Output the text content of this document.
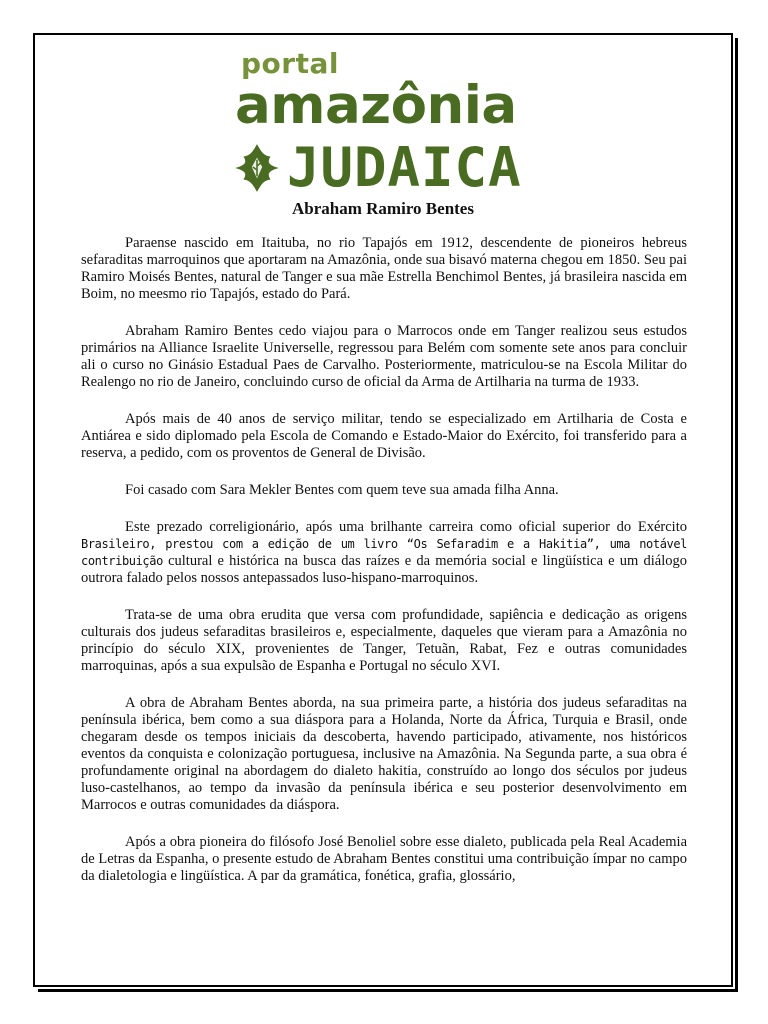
portal
amazônia
JUDAICA
Abraham Ramiro Bentes

Paraense nascido em Itaituba, no rio Tapajós em 1912, descendente de pioneiros hebreus sefaraditas marroquinos que aportaram na Amazônia, onde sua bisavó materna chegou em 1850. Seu pai Ramiro Moisés Bentes, natural de Tanger e sua mãe Estrella Benchimol Bentes, já brasileira nascida em Boim, no meesmo rio Tapajós, estado do Pará.

Abraham Ramiro Bentes cedo viajou para o Marrocos onde em Tanger realizou seus estudos primários na Alliance Israelite Universelle, regressou para Belém com somente sete anos para concluir ali o curso no Ginásio Estadual Paes de Carvalho. Posteriormente, matriculou-se na Escola Militar do Realengo no rio de Janeiro, concluindo curso de oficial da Arma de Artilharia na turma de 1933.

Após mais de 40 anos de serviço militar, tendo se especializado em Artilharia de Costa e Antiárea e sido diplomado pela Escola de Comando e Estado-Maior do Exército, foi transferido para a reserva, a pedido, com os proventos de General de Divisão.

Foi casado com Sara Mekler Bentes com quem teve sua amada filha Anna.

Este prezado correligionário, após uma brilhante carreira como oficial superior do Exército Brasileiro, prestou com a edição de um livro “Os Sefaradim e a Hakitia”, uma notável contribuição cultural e histórica na busca das raízes e da memória social e lingüística e um diálogo outrora falado pelos nossos antepassados luso-hispano-marroquinos.

Trata-se de uma obra erudita que versa com profundidade, sapiência e dedicação as origens culturais dos judeus sefaraditas brasileiros e, especialmente, daqueles que vieram para a Amazônia no princípio do século XIX, provenientes de Tanger, Tetuãn, Rabat, Fez e outras comunidades marroquinas, após a sua expulsão de Espanha e Portugal no século XVI.

A obra de Abraham Bentes aborda, na sua primeira parte, a história dos judeus sefaraditas na península ibérica, bem como a sua diáspora para a Holanda, Norte da África, Turquia e Brasil, onde chegaram desde os tempos iniciais da descoberta, havendo participado, ativamente, nos históricos eventos da conquista e colonização portuguesa, inclusive na Amazônia. Na Segunda parte, a sua obra é profundamente original na abordagem do dialeto hakitia, construído ao longo dos séculos por judeus luso-castelhanos, ao tempo da invasão da península ibérica e seu posterior desenvolvimento em Marrocos e outras comunidades da diáspora.

Após a obra pioneira do filósofo José Benoliel sobre esse dialeto, publicada pela Real Academia de Letras da Espanha, o presente estudo de Abraham Bentes constitui uma contribuição ímpar no campo da dialetologia e lingüística. A par da gramática, fonética, grafia, glossário,
